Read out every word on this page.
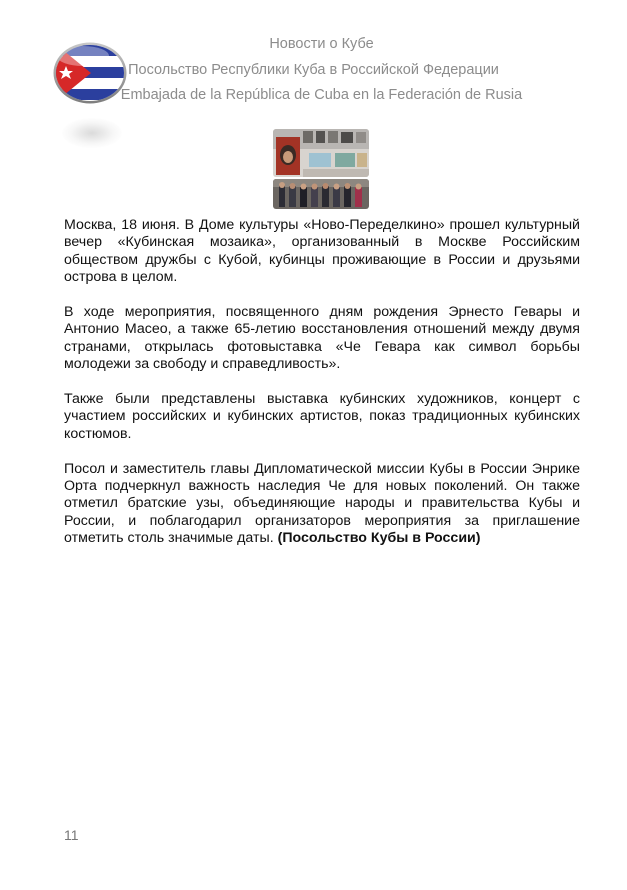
Новости о Кубе
Посольство Республики Куба в Российской Федерации
Embajada de la República de Cuba en la Federación de Rusia

Москва, 18 июня. В Доме культуры «Ново-Переделкино» прошел культурный вечер «Кубинская мозаика», организованный в Москве Российским обществом дружбы с Кубой, кубинцы проживающие в России и друзьями острова в целом.

В ходе мероприятия, посвященного дням рождения Эрнесто Гевары и Антонио Масео, а также 65-летию восстановления отношений между двумя странами, открылась фотовыставка «Че Гевара как символ борьбы молодежи за свободу и справедливость».

Также были представлены выставка кубинских художников, концерт с участием российских и кубинских артистов, показ традиционных кубинских костюмов.

Посол и заместитель главы Дипломатической миссии Кубы в России Энрике Орта подчеркнул важность наследия Че для новых поколений. Он также отметил братские узы, объединяющие народы и правительства Кубы и России, и поблагодарил организаторов мероприятия за приглашение отметить столь значимые даты. (Посольство Кубы в России)

11
